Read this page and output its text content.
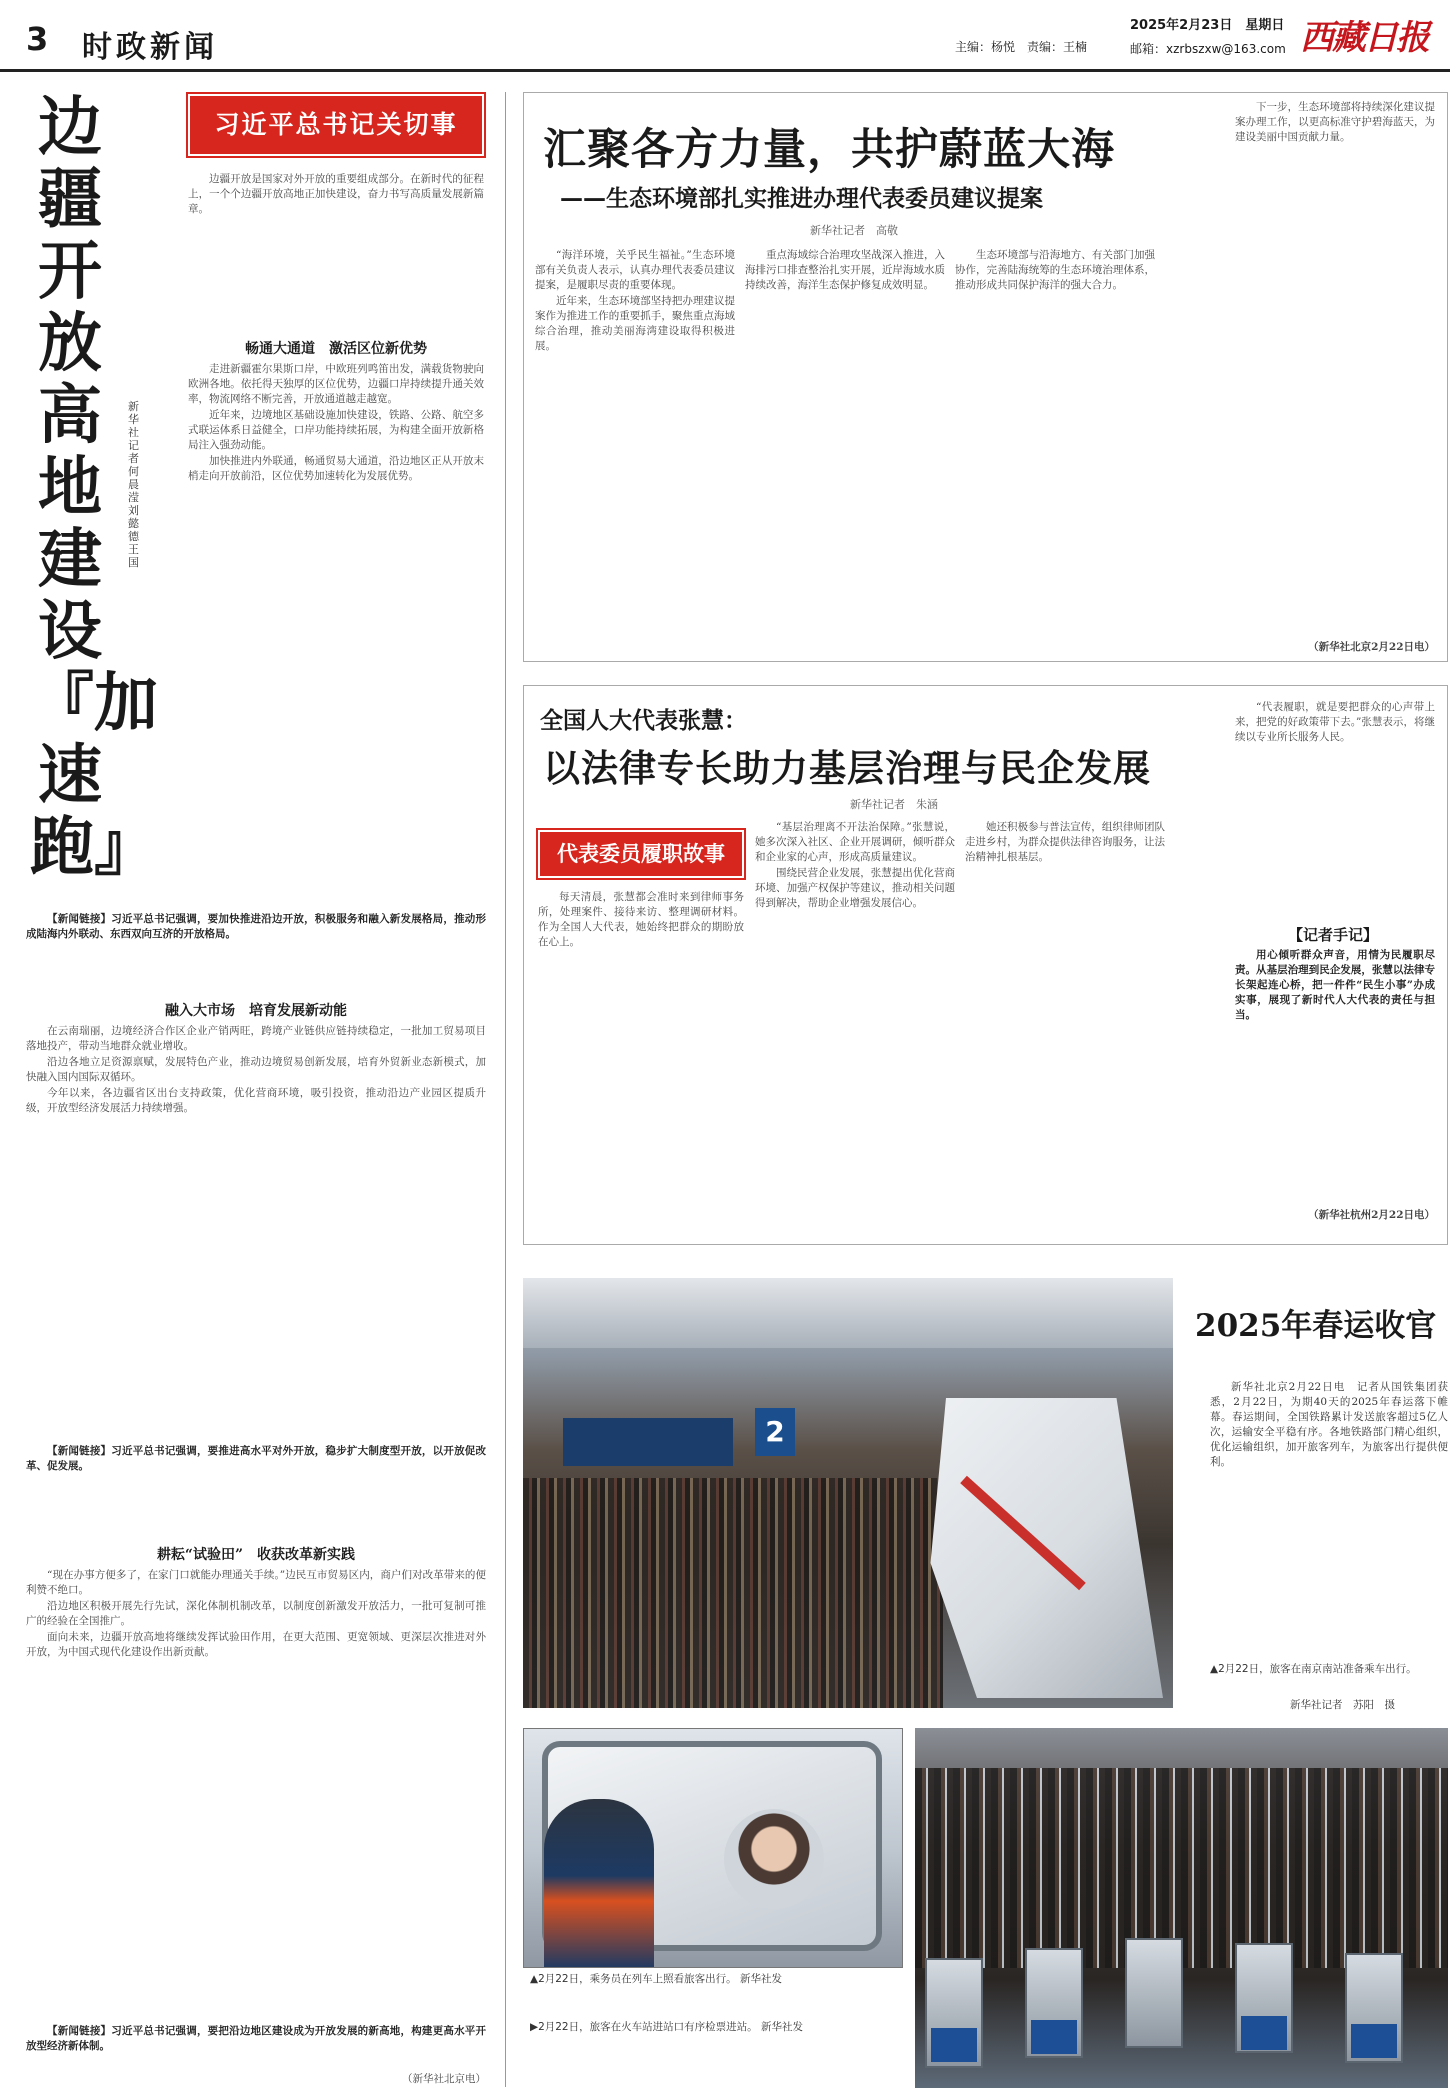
3 时政新闻	主编：杨悦　责编：王楠
2025年2月23日　星期日
邮箱：xzrbszxw@163.com 西藏日报
边疆开放高地建设『加速跑』
新华社记者　何晨滢　刘懿德　王国
习近平总书记关切事

边疆开放是国家对外开放的重要组成部分。在新时代的征程上，一个个边疆开放高地正加快建设，奋力书写高质量发展新篇章。

畅通大通道　激活区位新优势

走进新疆霍尔果斯口岸，中欧班列鸣笛出发，满载货物驶向欧洲各地。依托得天独厚的区位优势，边疆口岸持续提升通关效率，物流网络不断完善，开放通道越走越宽。

近年来，边境地区基础设施加快建设，铁路、公路、航空多式联运体系日益健全，口岸功能持续拓展，为构建全面开放新格局注入强劲动能。

加快推进内外联通，畅通贸易大通道，沿边地区正从开放末梢走向开放前沿，区位优势加速转化为发展优势。

【新闻链接】习近平总书记强调，要加快推进沿边开放，积极服务和融入新发展格局，推动形成陆海内外联动、东西双向互济的开放格局。

融入大市场　培育发展新动能

在云南瑞丽，边境经济合作区企业产销两旺，跨境产业链供应链持续稳定，一批加工贸易项目落地投产，带动当地群众就业增收。

沿边各地立足资源禀赋，发展特色产业，推动边境贸易创新发展，培育外贸新业态新模式，加快融入国内国际双循环。

今年以来，各边疆省区出台支持政策，优化营商环境，吸引投资，推动沿边产业园区提质升级，开放型经济发展活力持续增强。

【新闻链接】习近平总书记强调，要推进高水平对外开放，稳步扩大制度型开放，以开放促改革、促发展。

耕耘“试验田”　收获改革新实践

“现在办事方便多了，在家门口就能办理通关手续。”边民互市贸易区内，商户们对改革带来的便利赞不绝口。

沿边地区积极开展先行先试，深化体制机制改革，以制度创新激发开放活力，一批可复制可推广的经验在全国推广。

面向未来，边疆开放高地将继续发挥试验田作用，在更大范围、更宽领域、更深层次推进对外开放，为中国式现代化建设作出新贡献。

【新闻链接】习近平总书记强调，要把沿边地区建设成为开放发展的新高地，构建更高水平开放型经济新体制。

（新华社北京电）
汇聚各方力量，共护蔚蓝大海
——生态环境部扎实推进办理代表委员建议提案
新华社记者　高敬

“海洋环境，关乎民生福祉。”生态环境部有关负责人表示，认真办理代表委员建议提案，是履职尽责的重要体现。

近年来，生态环境部坚持把办理建议提案作为推进工作的重要抓手，聚焦重点海域综合治理，推动美丽海湾建设取得积极进展。

重点海域综合治理攻坚战深入推进，入海排污口排查整治扎实开展，近岸海域水质持续改善，海洋生态保护修复成效明显。

生态环境部与沿海地方、有关部门加强协作，完善陆海统筹的生态环境治理体系，推动形成共同保护海洋的强大合力。

下一步，生态环境部将持续深化建议提案办理工作，以更高标准守护碧海蓝天，为建设美丽中国贡献力量。

（新华社北京2月22日电）
全国人大代表张慧：
以法律专长助力基层治理与民企发展
新华社记者　朱涵
代表委员履职故事

每天清晨，张慧都会准时来到律师事务所，处理案件、接待来访、整理调研材料。作为全国人大代表，她始终把群众的期盼放在心上。

“基层治理离不开法治保障。”张慧说，她多次深入社区、企业开展调研，倾听群众和企业家的心声，形成高质量建议。

围绕民营企业发展，张慧提出优化营商环境、加强产权保护等建议，推动相关问题得到解决，帮助企业增强发展信心。

她还积极参与普法宣传，组织律师团队走进乡村，为群众提供法律咨询服务，让法治精神扎根基层。

“代表履职，就是要把群众的心声带上来，把党的好政策带下去。”张慧表示，将继续以专业所长服务人民。

【记者手记】

用心倾听群众声音，用情为民履职尽责。从基层治理到民企发展，张慧以法律专长架起连心桥，把一件件“民生小事”办成实事，展现了新时代人大代表的责任与担当。

（新华社杭州2月22日电）
2
2025年春运收官

新华社北京2月22日电　记者从国铁集团获悉，2月22日，为期40天的2025年春运落下帷幕。春运期间，全国铁路累计发送旅客超过5亿人次，运输安全平稳有序。各地铁路部门精心组织，优化运输组织，加开旅客列车，为旅客出行提供便利。

▲2月22日，旅客在南京南站准备乘车出行。
新华社记者　苏阳　摄
▲2月22日，乘务员在列车上照看旅客出行。 新华社发
▶2月22日，旅客在火车站进站口有序检票进站。 新华社发
